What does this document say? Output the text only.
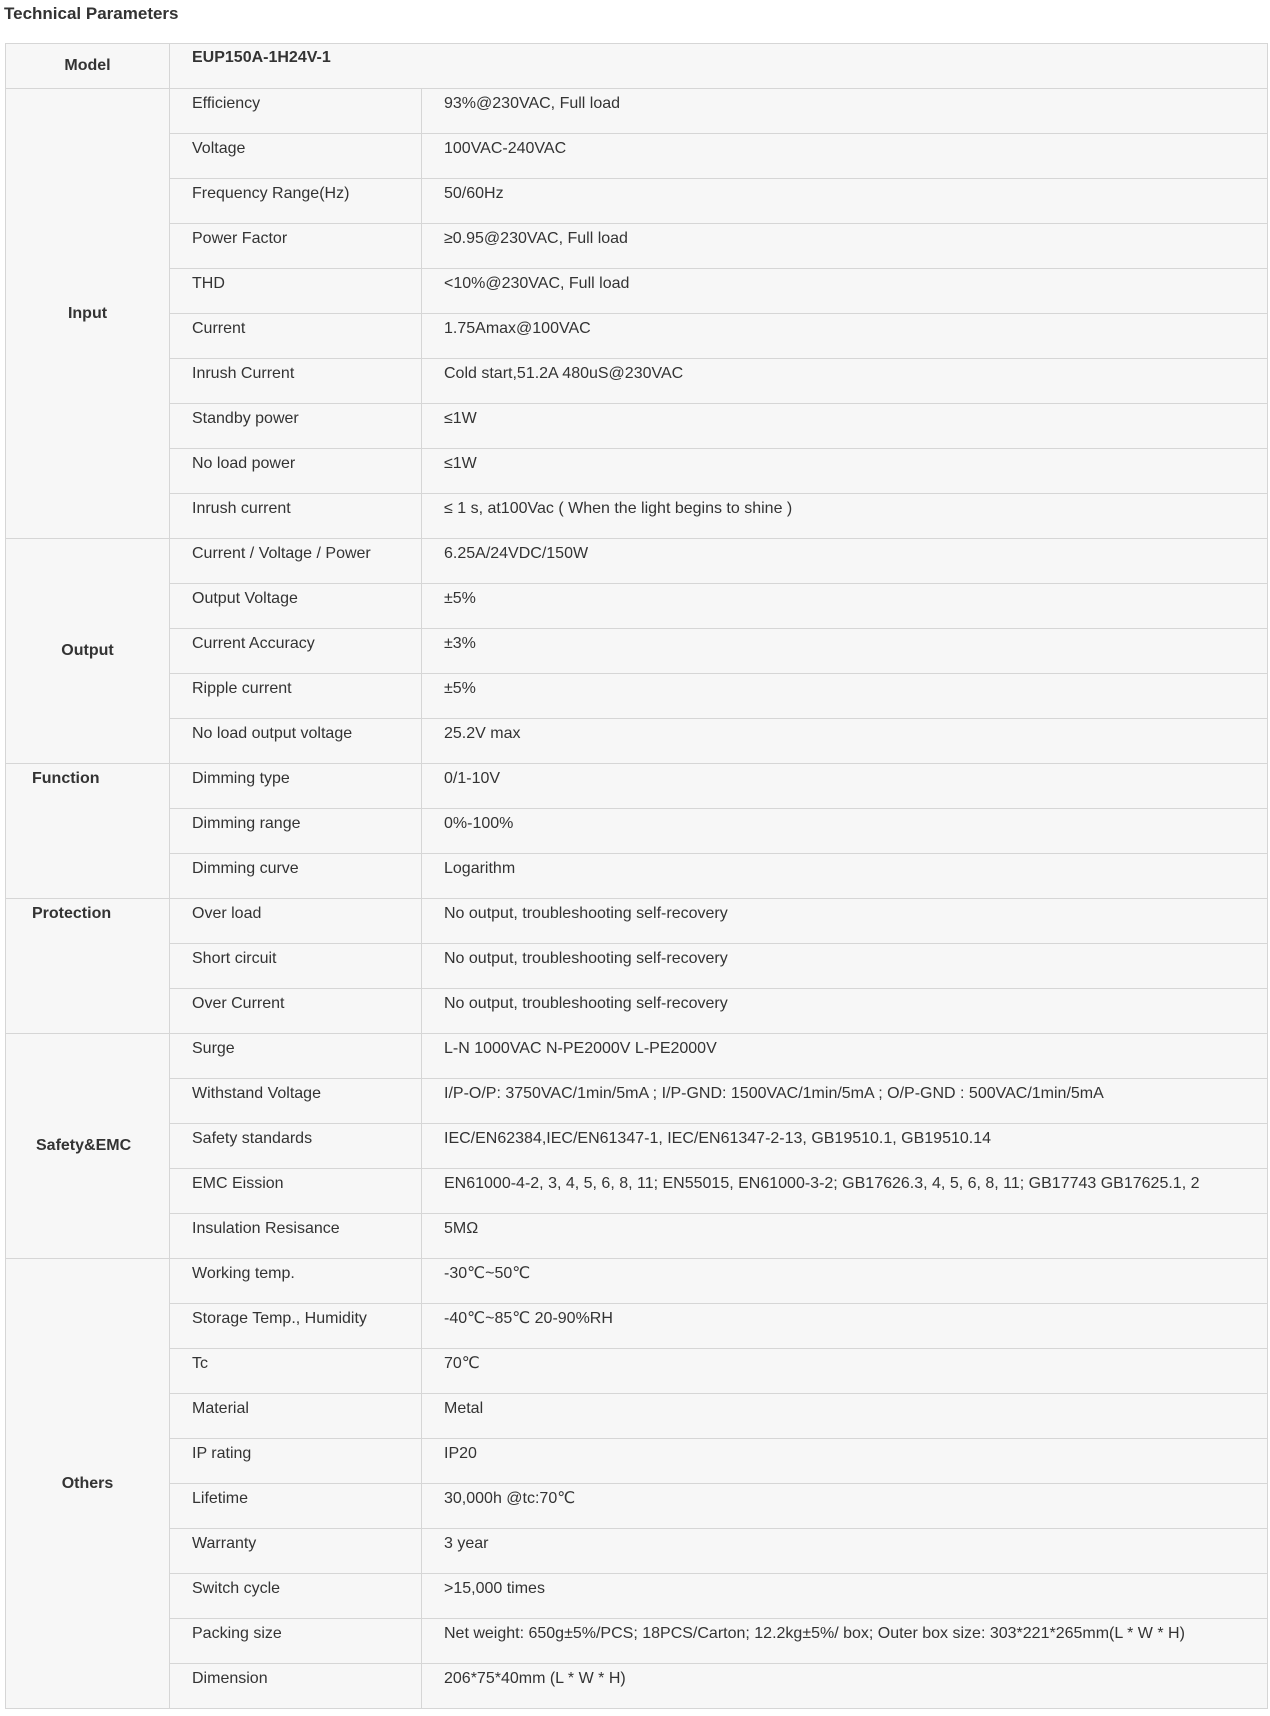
Technical Parameters
Model	EUP150A-1H24V-1	
Input	Efficiency	93%@230VAC, Full load
	Voltage	100VAC-240VAC
	Frequency Range(Hz)	50/60Hz
	Power Factor	≥0.95@230VAC, Full load
	THD	<10%@230VAC, Full load
	Current	1.75Amax@100VAC
	Inrush Current	Cold start,51.2A 480uS@230VAC
	Standby power	≤1W
	No load power	≤1W
	Inrush current	≤ 1 s, at100Vac ( When the light begins to shine )
Output	Current / Voltage / Power	6.25A/24VDC/150W
	Output Voltage	±5%
	Current Accuracy	±3%
	Ripple current	±5%
	No load output voltage	25.2V max
Function	Dimming type	0/1-10V
	Dimming range	0%-100%
	Dimming curve	Logarithm
Protection	Over load	No output, troubleshooting self-recovery
	Short circuit	No output, troubleshooting self-recovery
	Over Current	No output, troubleshooting self-recovery
Safety&EMC	Surge	L-N 1000VAC N-PE2000V L-PE2000V
	Withstand Voltage	I/P-O/P: 3750VAC/1min/5mA ; I/P-GND: 1500VAC/1min/5mA ; O/P-GND : 500VAC/1min/5mA
	Safety standards	IEC/EN62384,IEC/EN61347-1, IEC/EN61347-2-13, GB19510.1, GB19510.14
	EMC Eission	EN61000-4-2, 3, 4, 5, 6, 8, 11; EN55015, EN61000-3-2; GB17626.3, 4, 5, 6, 8, 11; GB17743 GB17625.1, 2
	Insulation Resisance	5MΩ
Others	Working temp.	-30℃~50℃
	Storage Temp., Humidity	-40℃~85℃ 20-90%RH
	Tc	70℃
	Material	Metal
	IP rating	IP20
	Lifetime	30,000h @tc:70℃
	Warranty	3 year
	Switch cycle	>15,000 times
	Packing size	Net weight: 650g±5%/PCS; 18PCS/Carton; 12.2kg±5%/ box; Outer box size: 303*221*265mm(L * W * H)
	Dimension	206*75*40mm (L * W * H)
